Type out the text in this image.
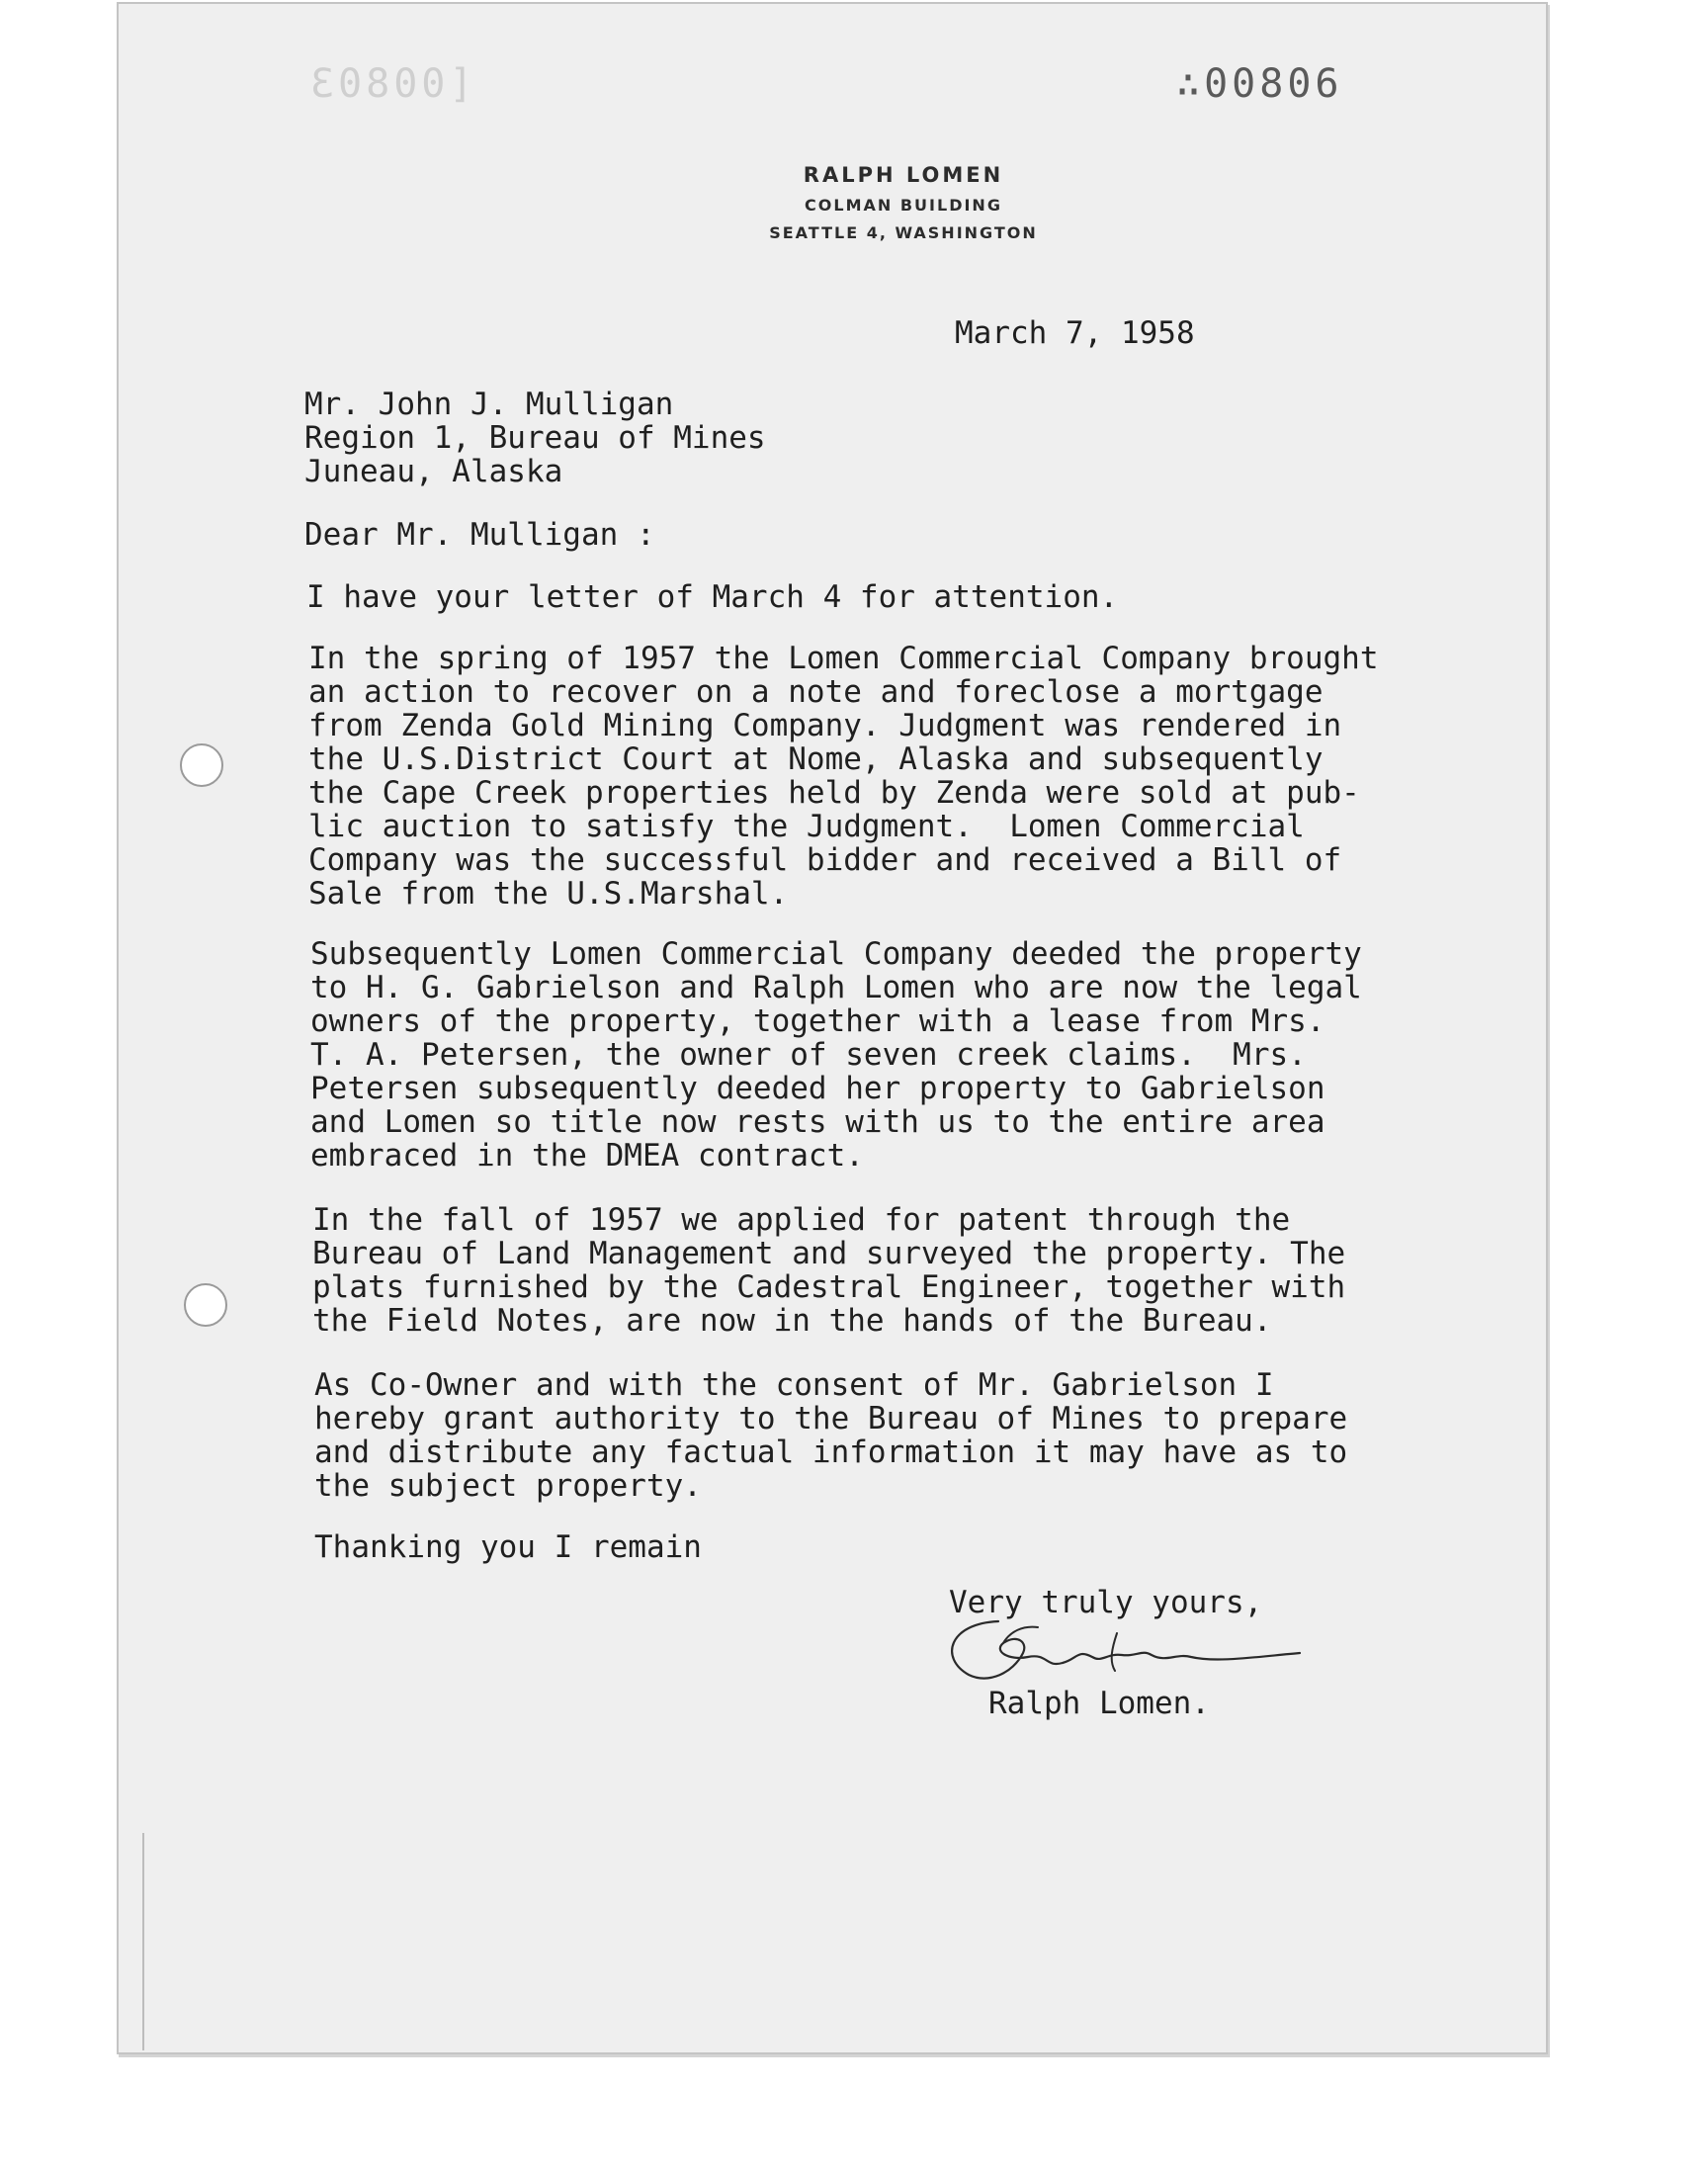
[00803	∴00806
RALPH LOMEN
COLMAN BUILDING
SEATTLE 4, WASHINGTON
March 7, 1958
Mr. John J. Mulligan
Region 1, Bureau of Mines
Juneau, Alaska
Dear Mr. Mulligan :
I have your letter of March 4 for attention.
In the spring of 1957 the Lomen Commercial Company brought
an action to recover on a note and foreclose a mortgage
from Zenda Gold Mining Company. Judgment was rendered in
the U.S.District Court at Nome, Alaska and subsequently
the Cape Creek properties held by Zenda were sold at pub-
lic auction to satisfy the Judgment.  Lomen Commercial
Company was the successful bidder and received a Bill of
Sale from the U.S.Marshal.
Subsequently Lomen Commercial Company deeded the property
to H. G. Gabrielson and Ralph Lomen who are now the legal
owners of the property, together with a lease from Mrs.
T. A. Petersen, the owner of seven creek claims.  Mrs.
Petersen subsequently deeded her property to Gabrielson
and Lomen so title now rests with us to the entire area
embraced in the DMEA contract.
In the fall of 1957 we applied for patent through the
Bureau of Land Management and surveyed the property. The
plats furnished by the Cadestral Engineer, together with
the Field Notes, are now in the hands of the Bureau.
As Co-Owner and with the consent of Mr. Gabrielson I
hereby grant authority to the Bureau of Mines to prepare
and distribute any factual information it may have as to
the subject property.
Thanking you I remain
Very truly yours,
Ralph Lomen.
